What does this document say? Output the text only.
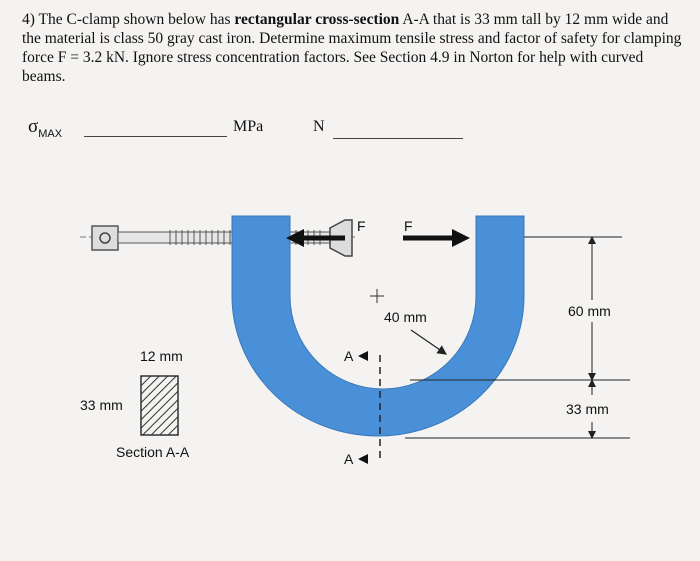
4) The C-clamp shown below has rectangular cross-section A-A that is 33 mm tall by 12 mm wide and the material is class 50 gray cast iron. Determine maximum tensile stress and factor of safety for clamping force F = 3.2 kN. Ignore stress concentration factors. See Section 4.9 in Norton for help with curved beams.
$\sigma_{MAX}$	MPa	N
F	F
40 mm
A
A
60 mm
33 mm
12 mm
33 mm
Section A-A
